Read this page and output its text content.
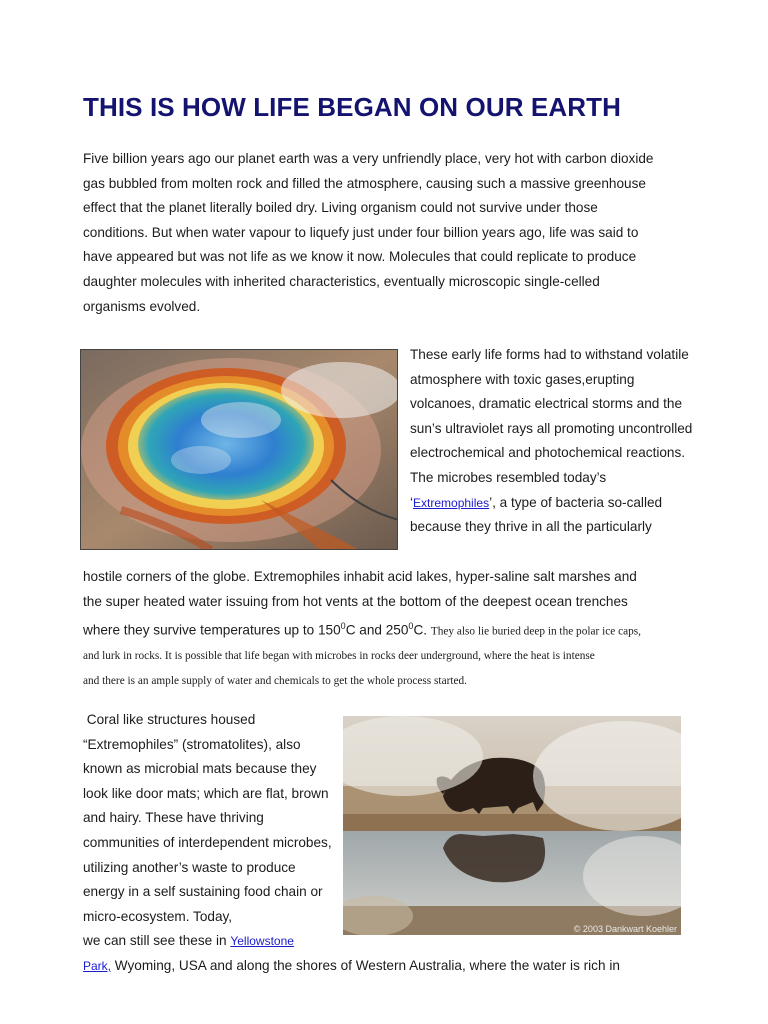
THIS IS HOW LIFE BEGAN ON OUR EARTH
Five billion years ago our planet earth was a very unfriendly place, very hot with carbon dioxide
gas bubbled from molten rock and filled the atmosphere, causing such a massive greenhouse
effect that the planet literally boiled dry. Living organism could not survive under those
conditions. But when water vapour to liquefy just under four billion years ago, life was said to
have appeared but was not life as we know it now. Molecules that could replicate to produce
daughter molecules with inherited characteristics, eventually microscopic single-celled
organisms evolved.
These early life forms had to withstand volatile atmosphere with toxic gases,erupting volcanoes, dramatic electrical storms and the sun’s ultraviolet rays all promoting uncontrolled electrochemical and photochemical reactions. The microbes resembled today’s
‘Extremophiles’, a type of bacteria so-called
because they thrive in all the particularly
hostile corners of the globe. Extremophiles inhabit acid lakes, hyper-saline salt marshes and
the super heated water issuing from hot vents at the bottom of the deepest ocean trenches
where they survive temperatures up to $150^0C$ and $250^0C$. They also lie buried deep in the polar ice caps,
and lurk in rocks. It is possible that life began with microbes in rocks deer underground, where the heat is intense
and there is an ample supply of water and chemicals to get the whole process started.
Coral like structures housed “Extremophiles” (stromatolites), also known as microbial mats because they look like door mats; which are flat, brown and hairy. These have thriving communities of interdependent microbes, utilizing another’s waste to produce energy in a self sustaining food chain or micro-ecosystem. Today,
we can still see these in Yellowstone
Park, Wyoming, USA and along the shores of Western Australia, where the water is rich in
© 2003 Dankwart Koehler
